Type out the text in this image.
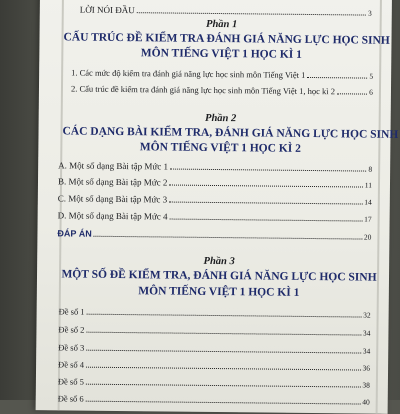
LỜI NÓI ĐẦU	3
Phần 1
CẤU TRÚC ĐỀ KIỂM TRA ĐÁNH GIÁ NĂNG LỰC HỌC SINH
MÔN TIẾNG VIỆT 1 HỌC KÌ 1
1. Các mức độ kiểm tra đánh giá năng lực học sinh môn Tiếng Việt 1	5
2. Cấu trúc đề kiểm tra đánh giá năng lực học sinh môn Tiếng Việt 1, học kì 2	6
Phần 2
CÁC DẠNG BÀI KIỂM TRA, ĐÁNH GIÁ NĂNG LỰC HỌC SINH
MÔN TIẾNG VIỆT 1 HỌC KÌ 2
A. Một số dạng Bài tập Mức 1	8
B. Một số dạng Bài tập Mức 2	11
C. Một số dạng Bài tập Mức 3	14
D. Một số dạng Bài tập Mức 4	17
ĐÁP ÁN	20
Phần 3
MỘT SỐ ĐỀ KIỂM TRA, ĐÁNH GIÁ NĂNG LỰC HỌC SINH
MÔN TIẾNG VIỆT 1 HỌC KÌ 1
Đề số 1	32
Đề số 2	34
Đề số 3	34
Đề số 4	36
Đề số 5	38
Đề số 6	40
